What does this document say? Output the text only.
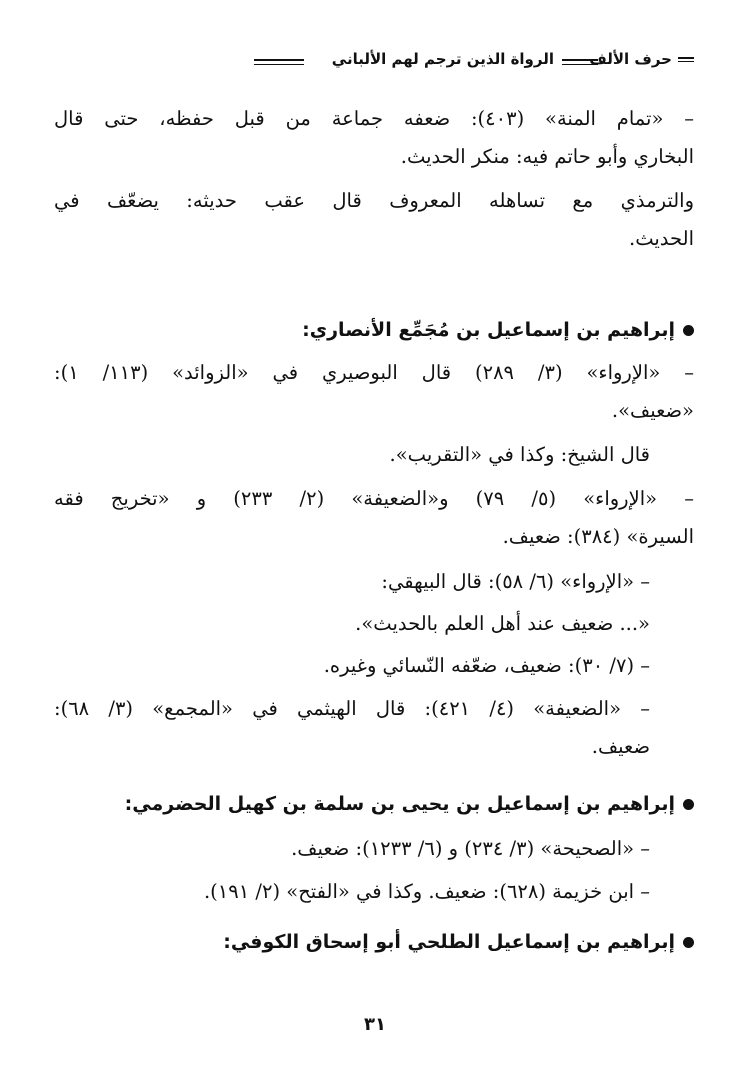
حرف الألف
الرواة الذين ترجم لهم الألباني
– «تمام المنة» (٤٠٣): ضعفه جماعة من قبل حفظه، حتى قال
البخاري وأبو حاتم فيه: منكر الحديث.
والترمذي مع تساهله المعروف قال عقب حديثه: يضعّف في
الحديث.
إبراهيم بن إسماعيل بن مُجَمِّع الأنصاري:
– «الإرواء» (٣/ ٢٨٩) قال البوصيري في «الزوائد» (١١٣/ ١):
«ضعيف».
قال الشيخ: وكذا في «التقريب».
– «الإرواء» (٥/ ٧٩) و«الضعيفة» (٢/ ٢٣٣) و «تخريج فقه
السيرة» (٣٨٤): ضعيف.
– «الإرواء» (٦/ ٥٨): قال البيهقي:
«... ضعيف عند أهل العلم بالحديث».
– (٧/ ٣٠): ضعيف، ضعّفه النّسائي وغيره.
– «الضعيفة» (٤/ ٤٢١): قال الهيثمي في «المجمع» (٣/ ٦٨):
ضعيف.
إبراهيم بن إسماعيل بن يحيى بن سلمة بن كهيل الحضرمي:
– «الصحيحة» (٣/ ٢٣٤) و (٦/ ١٢٣٣): ضعيف.
– ابن خزيمة (٦٢٨): ضعيف. وكذا في «الفتح» (٢/ ١٩١).
إبراهيم بن إسماعيل الطلحي أبو إسحاق الكوفي:
٣١
